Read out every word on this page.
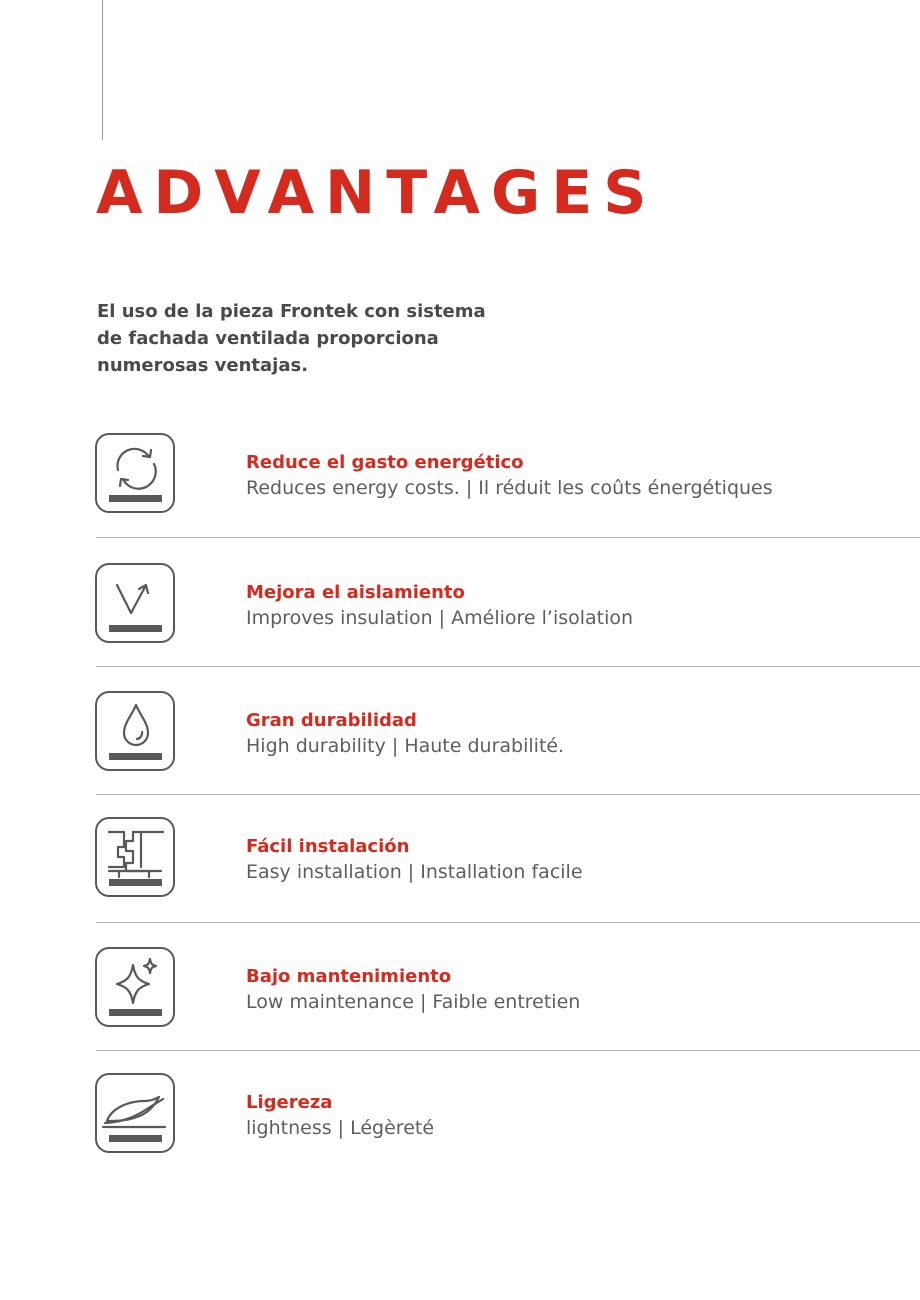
ADVANTAGES

El uso de la pieza Frontek con sistema de fachada ventilada proporciona numerosas ventajas.

Reduce el gasto energético
Reduces energy costs. | Il réduit les coûts énergétiques
Mejora el aislamiento
Improves insulation | Améliore l’isolation
Gran durabilidad
High durability | Haute durabilité.
Fácil instalación
Easy installation | Installation facile
Bajo mantenimiento
Low maintenance | Faible entretien
Ligereza
lightness | Légèreté
